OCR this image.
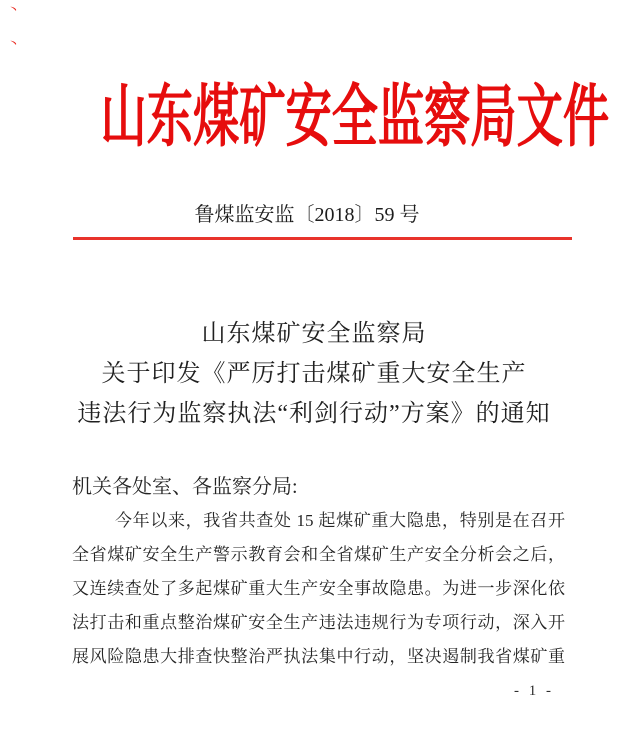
丶
丶
山东煤矿安全监察局文件
鲁煤监安监〔2018〕59 号
山东煤矿安全监察局
关于印发《严厉打击煤矿重大安全生产
违法行为监察执法“利剑行动”方案》的通知
机关各处室、各监察分局:
今年以来，我省共查处 15 起煤矿重大隐患，特别是在召开
全省煤矿安全生产警示教育会和全省煤矿生产安全分析会之后，
又连续查处了多起煤矿重大生产安全事故隐患。为进一步深化依
法打击和重点整治煤矿安全生产违法违规行为专项行动，深入开
展风险隐患大排查快整治严执法集中行动，坚决遏制我省煤矿重
- 1 -
